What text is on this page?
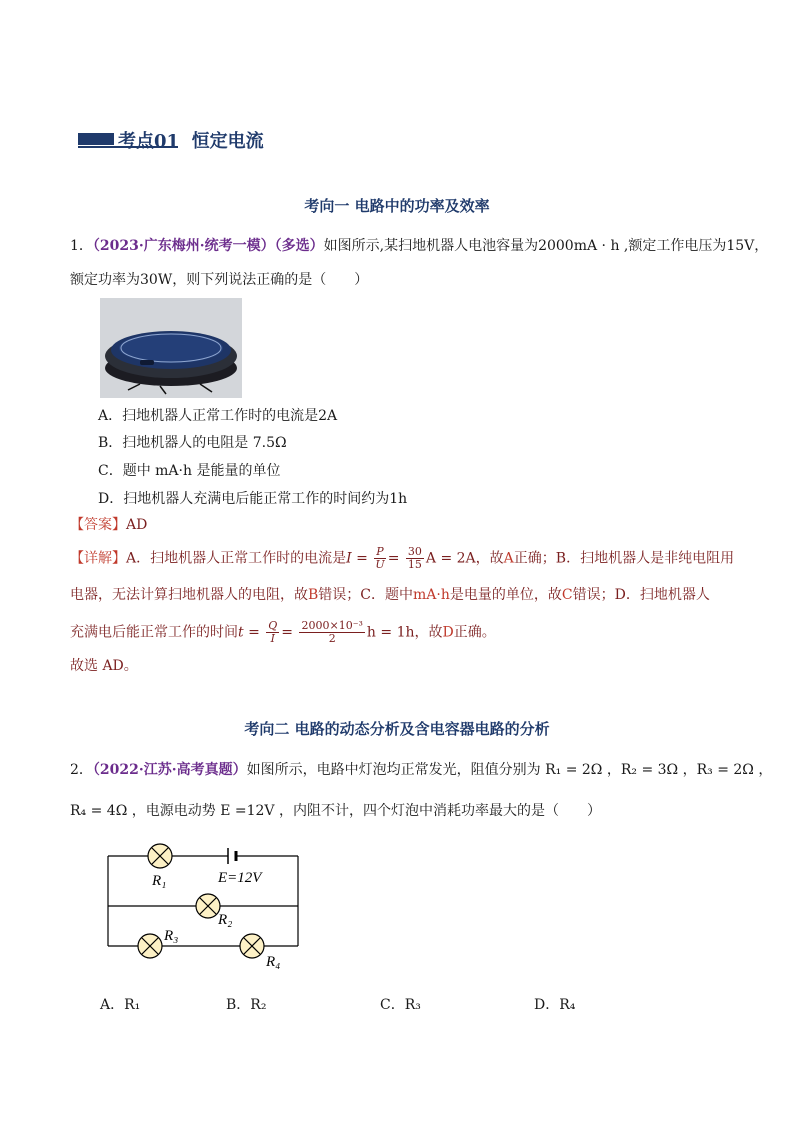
考点01 恒定电流
考向一 电路中的功率及效率
1．（2023·广东梅州·统考一模）（多选）如图所示,某扫地机器人电池容量为2000mA · h ,额定工作电压为15V，
额定功率为30W，则下列说法正确的是（　　）
A．扫地机器人正常工作时的电流是2A
B．扫地机器人的电阻是 7.5Ω
C．题中 mA·h 是能量的单位
D．扫地机器人充满电后能正常工作的时间约为1h
【答案】AD
【详解】A．扫地机器人正常工作时的电流是$I = \frac{P}{U} = \frac{30}{15}$ A = 2A，故A正确；B．扫地机器人是非纯电阻用
电器，无法计算扫地机器人的电阻，故B错误；C．题中mA·h是电量的单位，故C错误；D．扫地机器人
充满电后能正常工作的时间$t = \frac{Q}{I} = \frac{\text{2000×10⁻³}}{2}$ h = 1h，故D正确。
故选 AD。
考向二 电路的动态分析及含电容器电路的分析
2．（2022·江苏·高考真题）如图所示，电路中灯泡均正常发光，阻值分别为 R₁ = 2Ω ，R₂ = 3Ω ，R₃ = 2Ω ，
R₄ = 4Ω ，电源电动势 E =12V ，内阻不计，四个灯泡中消耗功率最大的是（　　）
R₁
R₂
R₃
R₄
E=12V
A．R₁	B．R₂	C．R₃	D．R₄
